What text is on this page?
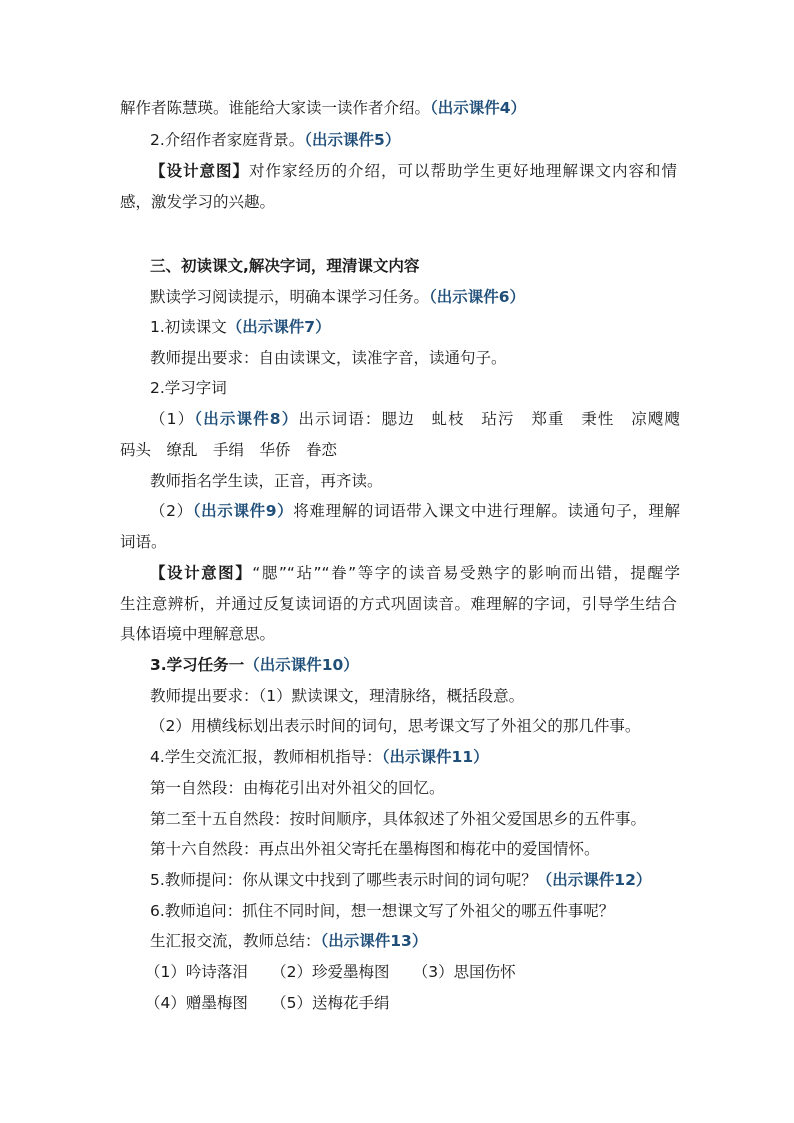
解作者陈慧瑛。谁能给大家读一读作者介绍。（出示课件4）

2.介绍作者家庭背景。（出示课件5）

【设计意图】对作家经历的介绍，可以帮助学生更好地理解课文内容和情

感，激发学习的兴趣。

三、初读课文,解决字词，理清课文内容

默读学习阅读提示，明确本课学习任务。（出示课件6）

1.初读课文（出示课件7）

教师提出要求：自由读课文，读准字音，读通句子。

2.学习字词

（1）（出示课件8）出示词语：腮边　虬枝　玷污　郑重　秉性　凉飕飕

码头　缭乱　手绢　华侨　眷恋

教师指名学生读，正音，再齐读。

（2）（出示课件9）将难理解的词语带入课文中进行理解。读通句子，理解

词语。

【设计意图】“腮”“玷”“眷”等字的读音易受熟字的影响而出错，提醒学

生注意辨析，并通过反复读词语的方式巩固读音。难理解的字词，引导学生结合

具体语境中理解意思。

3.学习任务一（出示课件10）

教师提出要求：（1）默读课文，理清脉络，概括段意。

（2）用横线标划出表示时间的词句，思考课文写了外祖父的那几件事。

4.学生交流汇报，教师相机指导：（出示课件11）

第一自然段：由梅花引出对外祖父的回忆。

第二至十五自然段：按时间顺序，具体叙述了外祖父爱国思乡的五件事。

第十六自然段：再点出外祖父寄托在墨梅图和梅花中的爱国情怀。

5.教师提问：你从课文中找到了哪些表示时间的词句呢？（出示课件12）

6.教师追问：抓住不同时间，想一想课文写了外祖父的哪五件事呢？

生汇报交流，教师总结：（出示课件13）

（1）吟诗落泪　　（2）珍爱墨梅图　　（3）思国伤怀

（4）赠墨梅图　　（5）送梅花手绢
